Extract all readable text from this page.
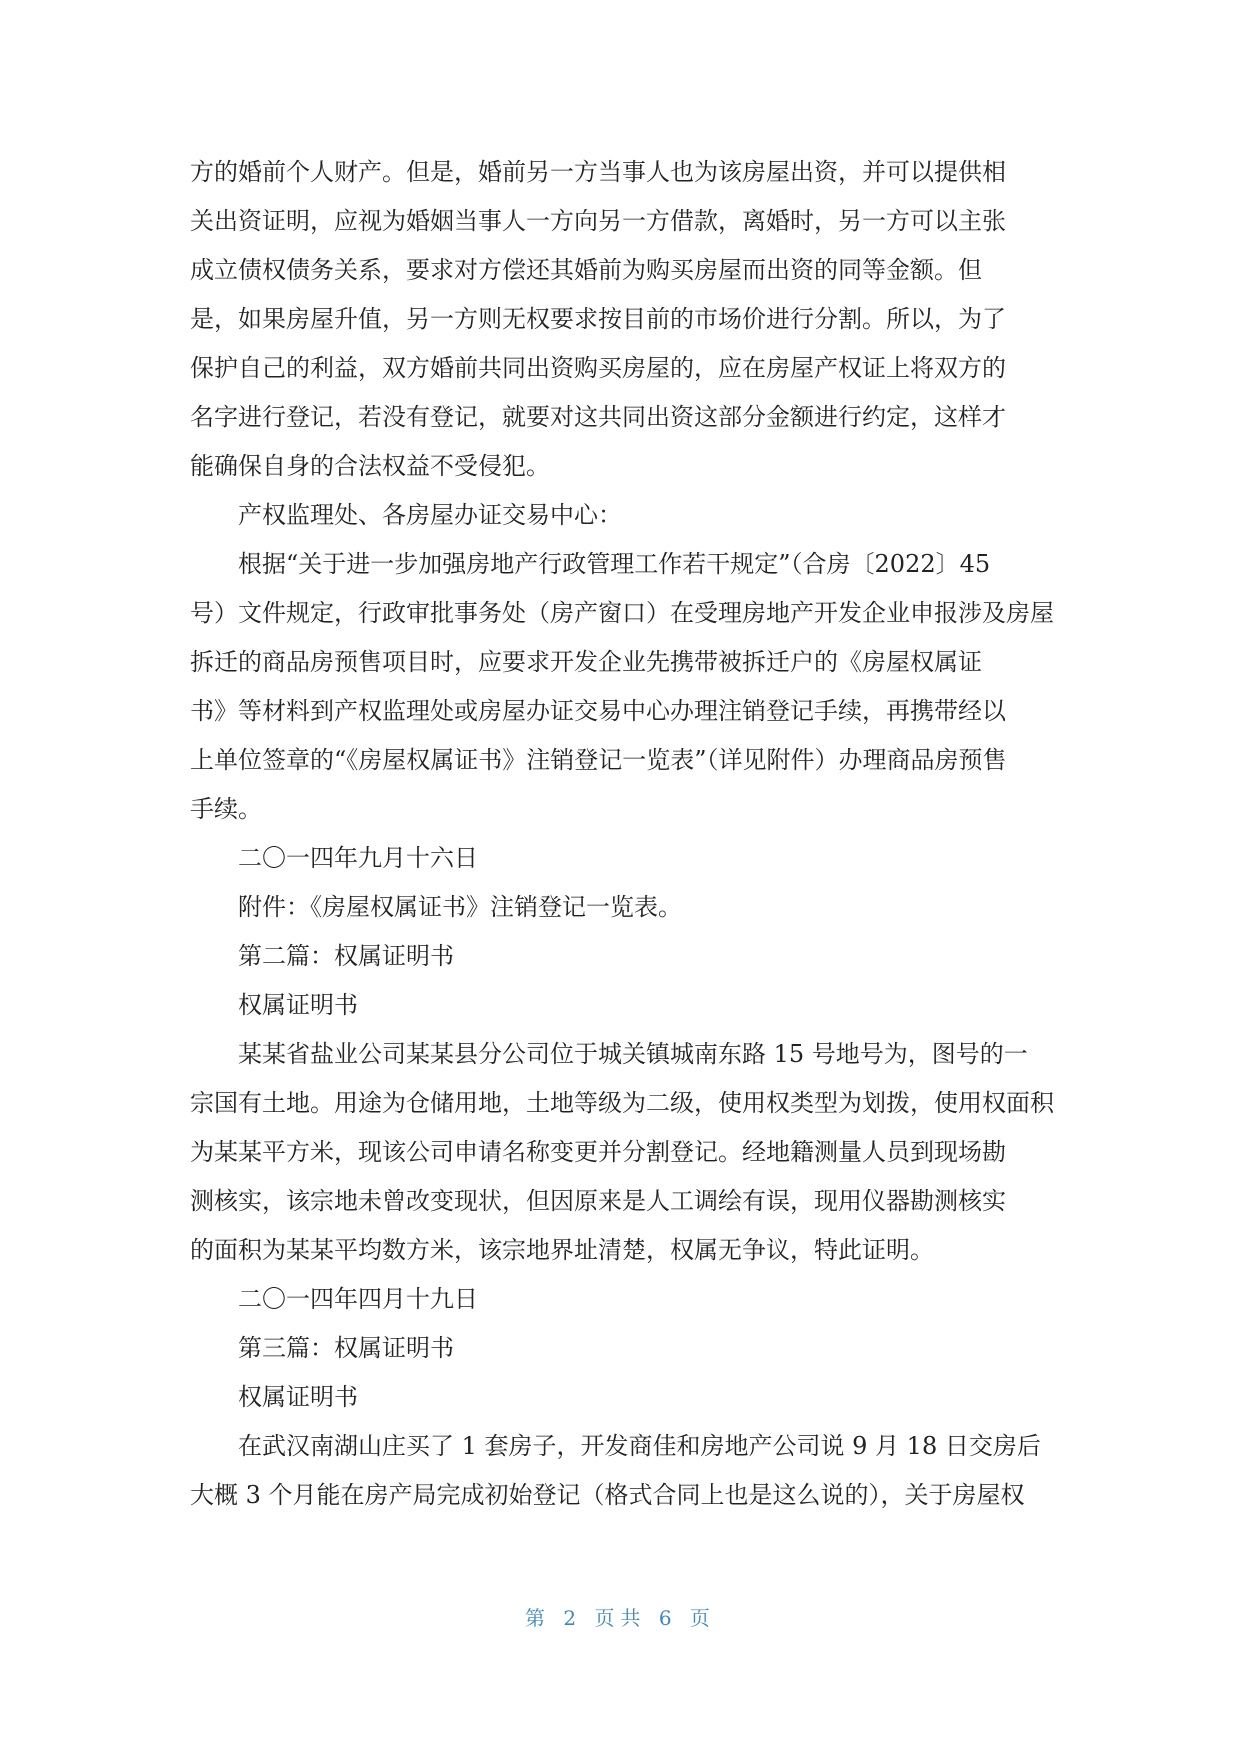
方的婚前个人财产。但是，婚前另一方当事人也为该房屋出资，并可以提供相
关出资证明，应视为婚姻当事人一方向另一方借款，离婚时，另一方可以主张
成立债权债务关系，要求对方偿还其婚前为购买房屋而出资的同等金额。但
是，如果房屋升值，另一方则无权要求按目前的市场价进行分割。所以，为了
保护自己的利益，双方婚前共同出资购买房屋的，应在房屋产权证上将双方的
名字进行登记，若没有登记，就要对这共同出资这部分金额进行约定，这样才
能确保自身的合法权益不受侵犯。
产权监理处、各房屋办证交易中心：
根据“关于进一步加强房地产行政管理工作若干规定”（合房〔2022〕45
号）文件规定，行政审批事务处（房产窗口）在受理房地产开发企业申报涉及房屋
拆迁的商品房预售项目时，应要求开发企业先携带被拆迁户的《房屋权属证
书》等材料到产权监理处或房屋办证交易中心办理注销登记手续，再携带经以
上单位签章的“《房屋权属证书》注销登记一览表”（详见附件）办理商品房预售
手续。
二〇一四年九月十六日
附件：《房屋权属证书》注销登记一览表。
第二篇：权属证明书
权属证明书
某某省盐业公司某某县分公司位于城关镇城南东路 15 号地号为，图号的一
宗国有土地。用途为仓储用地，土地等级为二级，使用权类型为划拨，使用权面积
为某某平方米，现该公司申请名称变更并分割登记。经地籍测量人员到现场勘
测核实，该宗地未曾改变现状，但因原来是人工调绘有误，现用仪器勘测核实
的面积为某某平均数方米，该宗地界址清楚，权属无争议，特此证明。
二〇一四年四月十九日
第三篇：权属证明书
权属证明书
在武汉南湖山庄买了 1 套房子，开发商佳和房地产公司说 9 月 18 日交房后
大概 3 个月能在房产局完成初始登记（格式合同上也是这么说的），关于房屋权
第 2 页共 6 页
